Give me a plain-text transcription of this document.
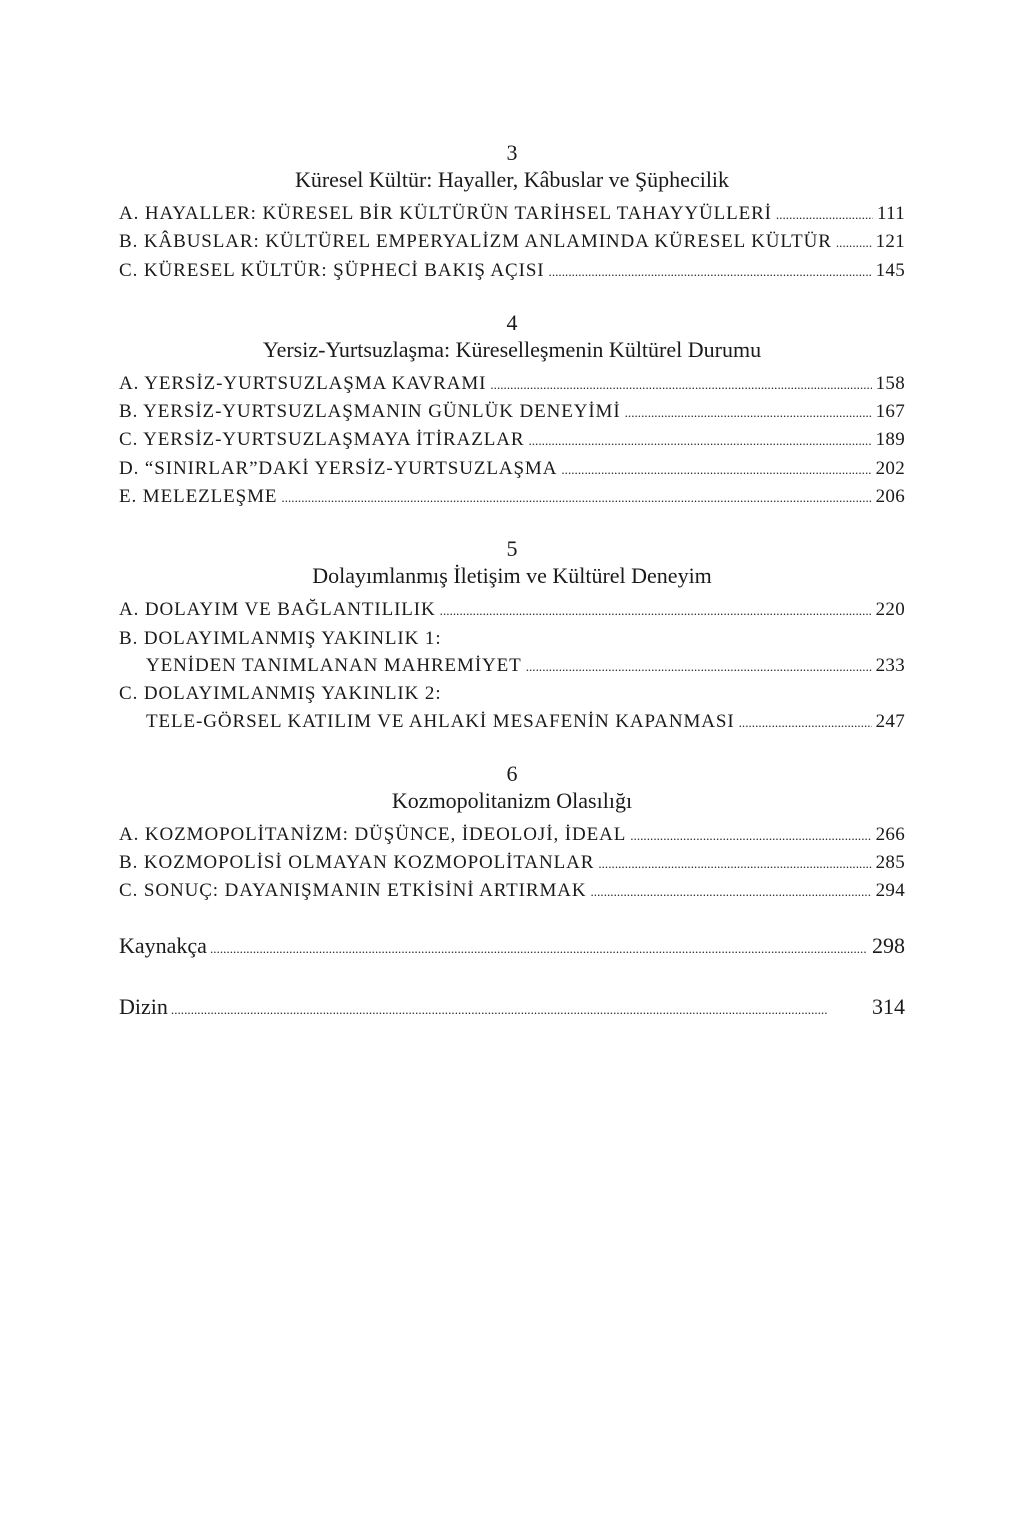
3
Küresel Kültür: Hayaller, Kâbuslar ve Şüphecilik
A. HAYALLER: KÜRESEL BİR KÜLTÜRÜN TARİHSEL TAHAYYÜLLERİ . . .	111
B. KÂBUSLAR: KÜLTÜREL EMPERYALİZM ANLAMINDA KÜRESEL KÜLTÜR . . . 121
C. KÜRESEL KÜLTÜR: ŞÜPHECİ BAKIŞ AÇISI . . .	145
4
Yersiz-Yurtsuzlaşma: Küreselleşmenin Kültürel Durumu
A. YERSİZ-YURTSUZLAŞMA KAVRAMI . . .	158
B. YERSİZ-YURTSUZLAŞMANIN GÜNLÜK DENEYİMİ . . .	167
C. YERSİZ-YURTSUZLAŞMAYA İTİRAZLAR . . .	189
D. “SINIRLAR”DAKİ YERSİZ-YURTSUZLAŞMA . . .	202
E. MELEZLEŞME . . .	206
5
Dolayımlanmış İletişim ve Kültürel Deneyim
A. DOLAYIM VE BAĞLANTILILIK . . .	220
B. DOLAYIMLANMIŞ YAKINLIK 1:
YENİDEN TANIMLANAN MAHREMİYET . . .	233
C. DOLAYIMLANMIŞ YAKINLIK 2:
TELE-GÖRSEL KATILIM VE AHLAKİ MESAFENİN KAPANMASI . . .	247
6
Kozmopolitanizm Olasılığı
A. KOZMOPOLİTANİZM: DÜŞÜNCE, İDEOLOJİ, İDEAL . . .	266
B. KOZMOPOLİSİ OLMAYAN KOZMOPOLİTANLAR . . .	285
C. SONUÇ: DAYANIŞMANIN ETKİSİNİ ARTIRMAK . . .	294
Kaynakça . . .	298
Dizin . . .	314
